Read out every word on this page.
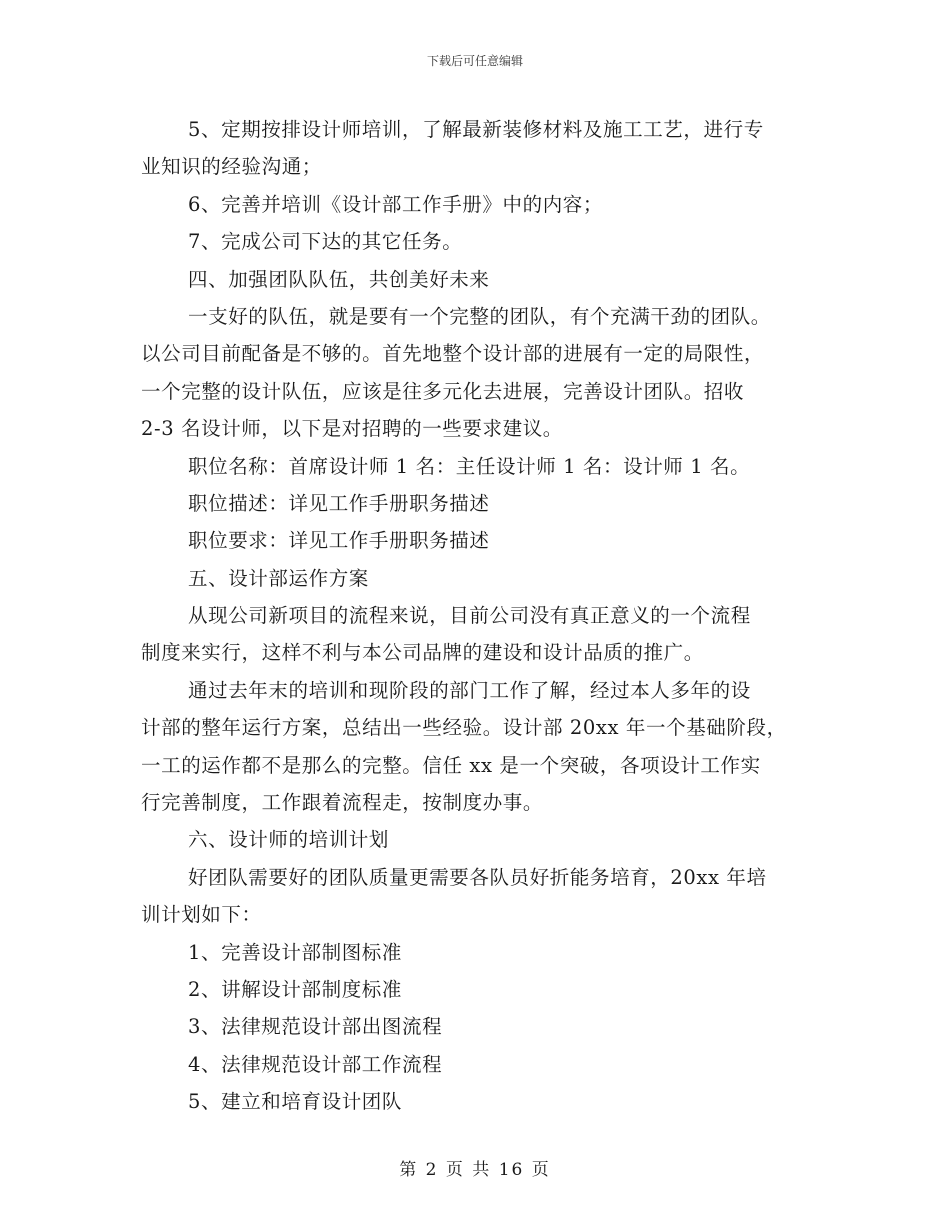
下载后可任意编辑
5、定期按排设计师培训，了解最新装修材料及施工工艺，进行专
业知识的经验沟通；
6、完善并培训《设计部工作手册》中的内容；
7、完成公司下达的其它任务。
四、加强团队队伍，共创美好未来
一支好的队伍，就是要有一个完整的团队，有个充满干劲的团队。
以公司目前配备是不够的。首先地整个设计部的进展有一定的局限性，
一个完整的设计队伍，应该是往多元化去进展，完善设计团队。招收
2-3 名设计师，以下是对招聘的一些要求建议。
职位名称：首席设计师 1 名：主任设计师 1 名：设计师 1 名。
职位描述：详见工作手册职务描述
职位要求：详见工作手册职务描述
五、设计部运作方案
从现公司新项目的流程来说，目前公司没有真正意义的一个流程
制度来实行，这样不利与本公司品牌的建设和设计品质的推广。
通过去年末的培训和现阶段的部门工作了解，经过本人多年的设
计部的整年运行方案，总结出一些经验。设计部 20xx 年一个基础阶段，
一工的运作都不是那么的完整。信任 xx 是一个突破，各项设计工作实
行完善制度，工作跟着流程走，按制度办事。
六、设计师的培训计划
好团队需要好的团队质量更需要各队员好折能务培育，20xx 年培
训计划如下：
1、完善设计部制图标准
2、讲解设计部制度标准
3、法律规范设计部出图流程
4、法律规范设计部工作流程
5、建立和培育设计团队
第 2 页 共 16 页
